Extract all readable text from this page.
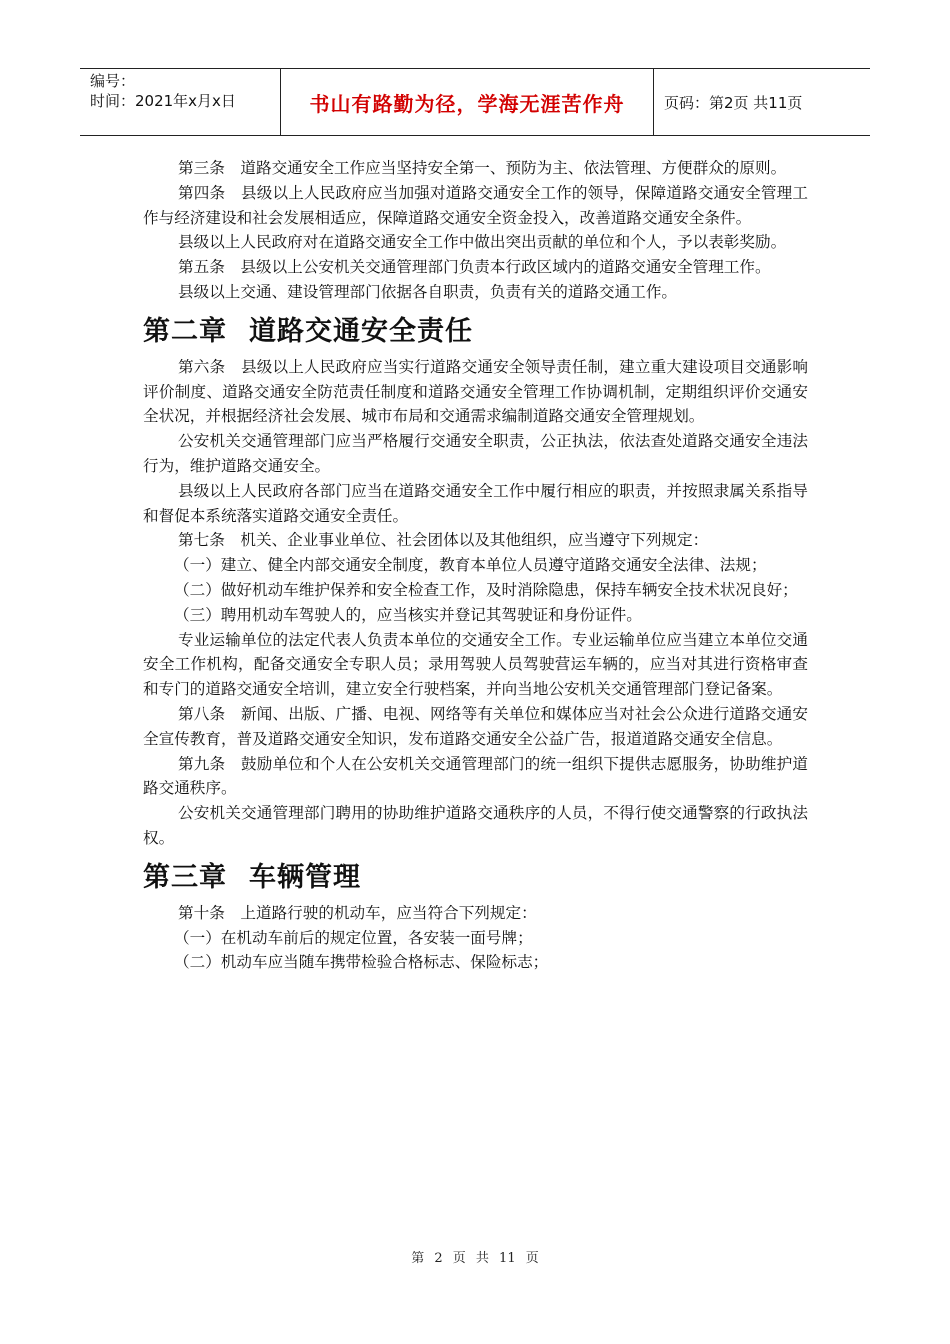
编号：
时间：2021年x月x日	书山有路勤为径，学海无涯苦作舟	页码：第2页 共11页

第三条　道路交通安全工作应当坚持安全第一、预防为主、依法管理、方便群众的原则。

第四条　县级以上人民政府应当加强对道路交通安全工作的领导，保障道路交通安全管理工作与经济建设和社会发展相适应，保障道路交通安全资金投入，改善道路交通安全条件。

县级以上人民政府对在道路交通安全工作中做出突出贡献的单位和个人，予以表彰奖励。

第五条　县级以上公安机关交通管理部门负责本行政区域内的道路交通安全管理工作。

县级以上交通、建设管理部门依据各自职责，负责有关的道路交通工作。

第二章 道路交通安全责任

第六条　县级以上人民政府应当实行道路交通安全领导责任制，建立重大建设项目交通影响评价制度、道路交通安全防范责任制度和道路交通安全管理工作协调机制，定期组织评价交通安全状况，并根据经济社会发展、城市布局和交通需求编制道路交通安全管理规划。

公安机关交通管理部门应当严格履行交通安全职责，公正执法，依法查处道路交通安全违法行为，维护道路交通安全。

县级以上人民政府各部门应当在道路交通安全工作中履行相应的职责，并按照隶属关系指导和督促本系统落实道路交通安全责任。

第七条　机关、企业事业单位、社会团体以及其他组织，应当遵守下列规定：

（一）建立、健全内部交通安全制度，教育本单位人员遵守道路交通安全法律、法规；

（二）做好机动车维护保养和安全检查工作，及时消除隐患，保持车辆安全技术状况良好；

（三）聘用机动车驾驶人的，应当核实并登记其驾驶证和身份证件。

专业运输单位的法定代表人负责本单位的交通安全工作。专业运输单位应当建立本单位交通安全工作机构，配备交通安全专职人员；录用驾驶人员驾驶营运车辆的，应当对其进行资格审查和专门的道路交通安全培训，建立安全行驶档案，并向当地公安机关交通管理部门登记备案。

第八条　新闻、出版、广播、电视、网络等有关单位和媒体应当对社会公众进行道路交通安全宣传教育，普及道路交通安全知识，发布道路交通安全公益广告，报道道路交通安全信息。

第九条　鼓励单位和个人在公安机关交通管理部门的统一组织下提供志愿服务，协助维护道路交通秩序。

公安机关交通管理部门聘用的协助维护道路交通秩序的人员，不得行使交通警察的行政执法权。

第三章 车辆管理

第十条　上道路行驶的机动车，应当符合下列规定：

（一）在机动车前后的规定位置，各安装一面号牌；

（二）机动车应当随车携带检验合格标志、保险标志；

第 2 页 共 11 页
